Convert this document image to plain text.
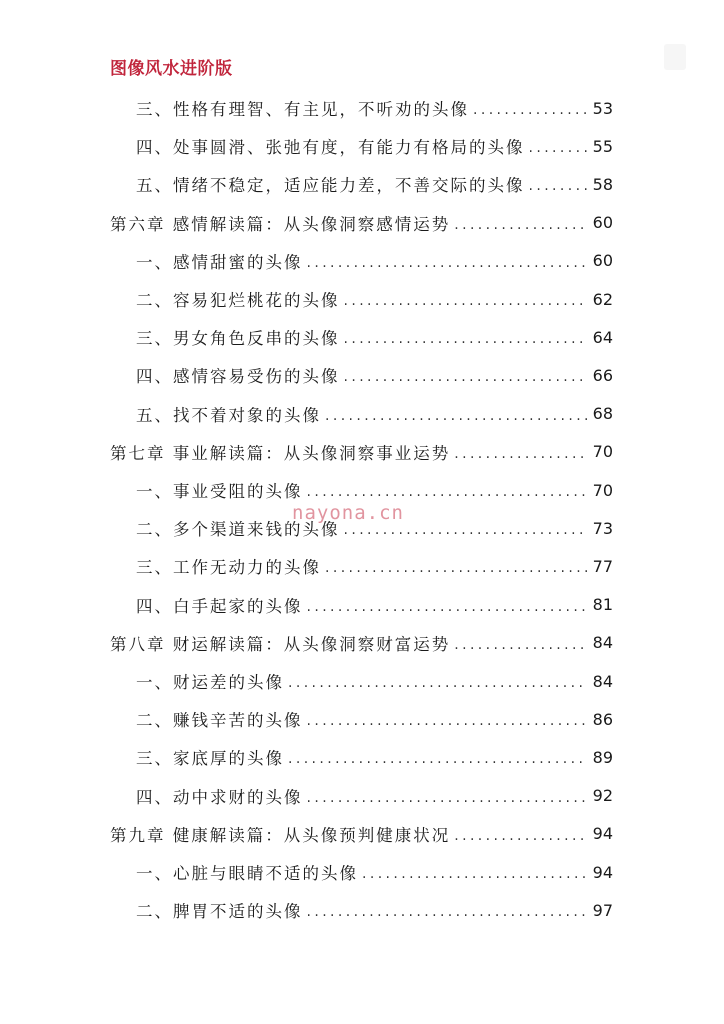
图像风水进阶版
三、性格有理智、有主见，不听劝的头像 .....	53
四、处事圆滑、张弛有度，有能力有格局的头像 .....	55
五、情绪不稳定，适应能力差，不善交际的头像 .....	58
第六章 感情解读篇：从头像洞察感情运势 .....	60
一、感情甜蜜的头像 .....	60
二、容易犯烂桃花的头像 .....	62
三、男女角色反串的头像 .....	64
四、感情容易受伤的头像 .....	66
五、找不着对象的头像 .....	68
第七章 事业解读篇：从头像洞察事业运势 .....	70
一、事业受阻的头像 .....	70
二、多个渠道来钱的头像 .....	73
三、工作无动力的头像 .....	77
四、白手起家的头像 .....	81
第八章 财运解读篇：从头像洞察财富运势 .....	84
一、财运差的头像 .....	84
二、赚钱辛苦的头像 .....	86
三、家底厚的头像 .....	89
四、动中求财的头像 .....	92
第九章 健康解读篇：从头像预判健康状况 .....	94
一、心脏与眼睛不适的头像 .....	94
二、脾胃不适的头像 .....	97
nayona.cn
